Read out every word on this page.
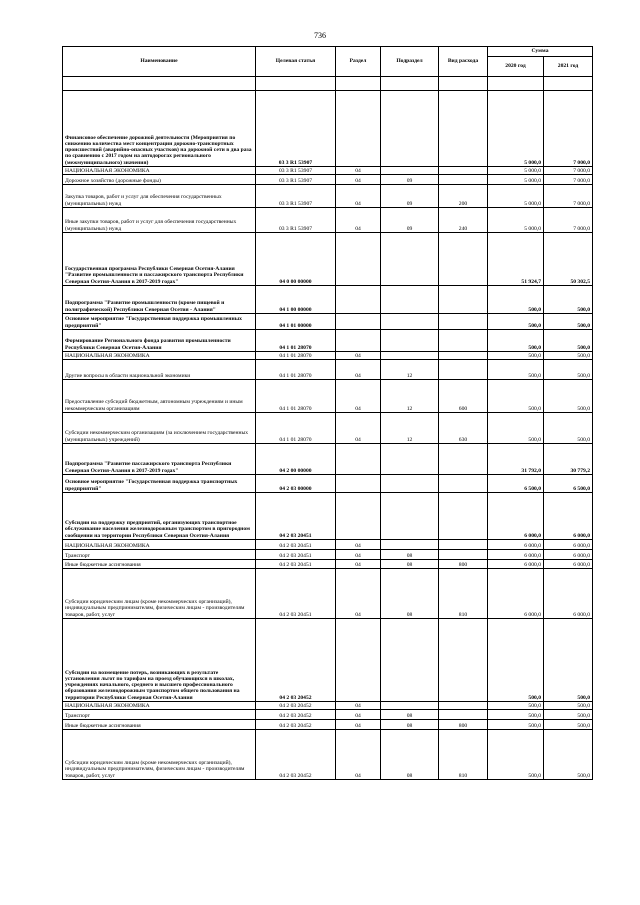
736
Наименование	Целевая статья	Раздел	Подраздел	Вид расхода	Сумма	
					2020 год	2021 год

Финансовое обеспечение дорожной деятельности (Мероприятия по снижению количества мест концентрации дорожно-транспортных происшествий (аварийно-опасных участков) на дорожной сети в два раза по сравнению с 2017 годом на автодорогах регионального (межмуниципального) значения)	03 3 R1 53907				5 000,0	7 000,0
НАЦИОНАЛЬНАЯ ЭКОНОМИКА	03 3 R1 53907	04			5 000,0	7 000,0
Дорожное хозяйство (дорожные фонды)	03 3 R1 53907	04	09		5 000,0	7 000,0
Закупка товаров, работ и услуг для обеспечения государственных (муниципальных) нужд	03 3 R1 53907	04	09	200	5 000,0	7 000,0
Иные закупки товаров, работ и услуг для обеспечения государственных (муниципальных) нужд	03 3 R1 53907	04	09	240	5 000,0	7 000,0
Государственная программа Республики Северная Осетия-Алания "Развитие промышленности и пассажирского транспорта Республики Северная Осетия-Алания в 2017-2019 годах"	04 0 00 00000				51 924,7	50 302,5
Подпрограмма "Развитие промышленности (кроме пищевой и полиграфической) Республики Северная Осетия - Алания"	04 1 00 00000				500,0	500,0
Основное мероприятие "Государственная поддержка промышленных предприятий"	04 1 01 00000				500,0	500,0
Формирование Регионального фонда развития промышленности Республики Северная Осетия-Алания	04 1 01 28070				500,0	500,0
НАЦИОНАЛЬНАЯ ЭКОНОМИКА	04 1 01 28070	04			500,0	500,0
Другие вопросы в области национальной экономики	04 1 01 28070	04	12		500,0	500,0
Предоставление субсидий бюджетным, автономным учреждениям и иным некоммерческим организациям	04 1 01 28070	04	12	600	500,0	500,0
Субсидии некоммерческим организациям (за исключением государственных (муниципальных) учреждений)	04 1 01 28070	04	12	630	500,0	500,0
Подпрограмма "Развитие пассажирского транспорта Республики Северная Осетия-Алания в 2017-2019 годах"	04 2 00 00000				31 792,0	30 779,2
Основное мероприятие "Государственная поддержка транспортных предприятий"	04 2 03 00000				6 500,0	6 500,0
Субсидии на поддержку предприятий, организующих транспортное обслуживание населения железнодорожным транспортом в пригородном сообщении на территории Республики Северная Осетия-Алания	04 2 03 20451				6 000,0	6 000,0
НАЦИОНАЛЬНАЯ ЭКОНОМИКА	04 2 03 20451	04			6 000,0	6 000,0
Транспорт	04 2 03 20451	04	08		6 000,0	6 000,0
Иные бюджетные ассигнования	04 2 03 20451	04	08	800	6 000,0	6 000,0
Субсидии юридическим лицам (кроме некоммерческих организаций), индивидуальным предпринимателям, физическим лицам - производителям товаров, работ, услуг	04 2 03 20451	04	08	810	6 000,0	6 000,0
Субсидии на возмещение потерь, возникающих в результате установления льгот по тарифам на проезд обучающихся в школах, учреждениях начального, среднего и высшего профессионального образования железнодорожным транспортом общего пользования на территории Республики Северная Осетия-Алания	04 2 03 20452				500,0	500,0
НАЦИОНАЛЬНАЯ ЭКОНОМИКА	04 2 03 20452	04			500,0	500,0
Транспорт	04 2 03 20452	04	08		500,0	500,0
Иные бюджетные ассигнования	04 2 03 20452	04	08	800	500,0	500,0
Субсидии юридическим лицам (кроме некоммерческих организаций), индивидуальным предпринимателям, физическим лицам - производителям товаров, работ, услуг	04 2 03 20452	04	08	810	500,0	500,0
